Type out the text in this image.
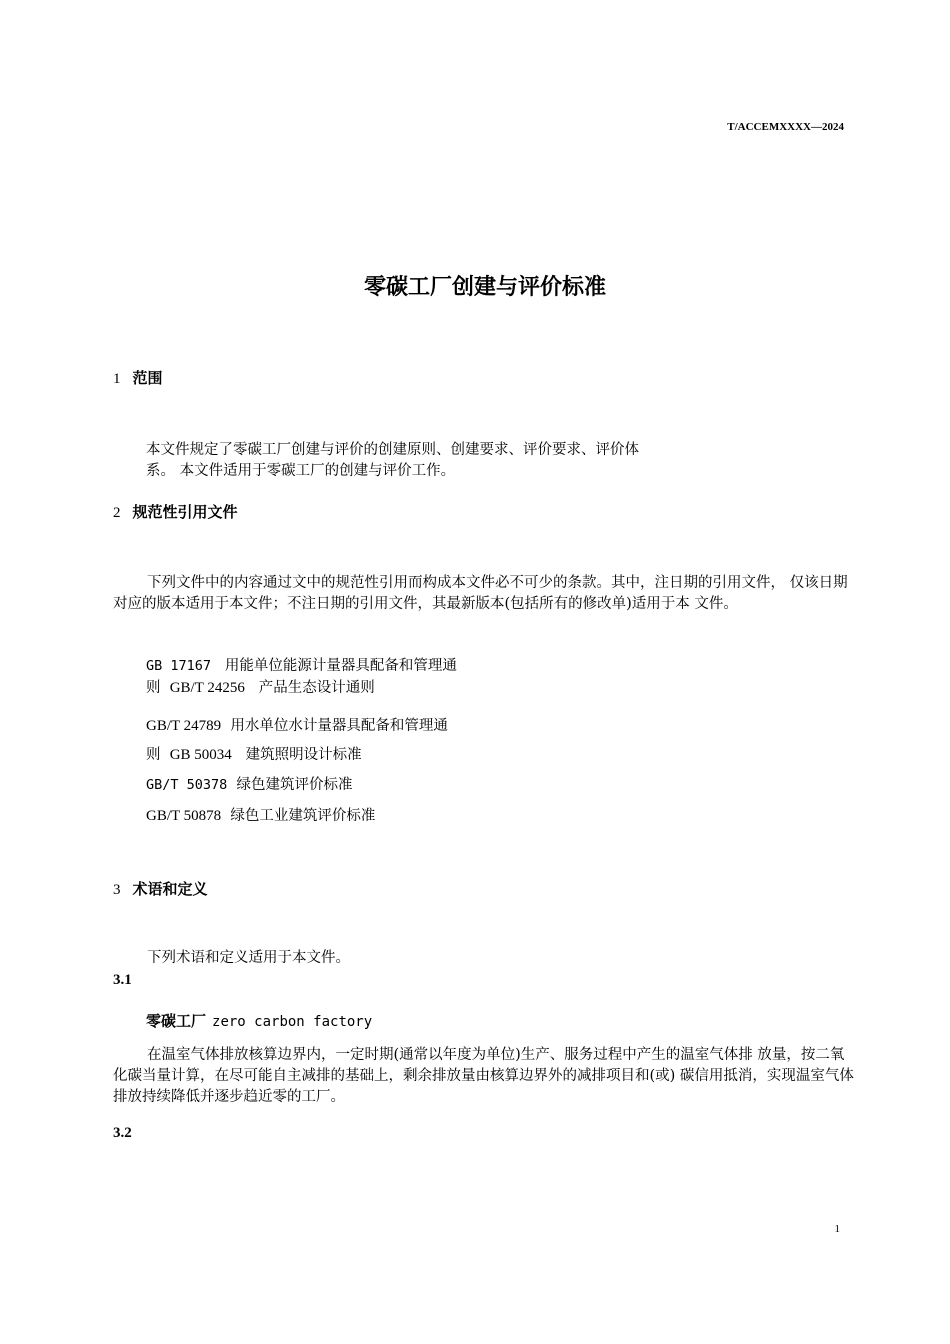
T/ACCEMXXXX—2024
零碳工厂创建与评价标准
1 范围
本文件规定了零碳工厂创建与评价的创建原则、创建要求、评价要求、评价体
系。 本文件适用于零碳工厂的创建与评价工作。
2 规范性引用文件
下列文件中的内容通过文中的规范性引用而构成本文件必不可少的条款。其中，注日期的引用文件， 仅该日期对应的版本适用于本文件；不注日期的引用文件，其最新版本(包括所有的修改单)适用于本 文件。
GB 17167 用能单位能源计量器具配备和管理通
则 GB/T 24256 产品生态设计通则
GB/T 24789 用水单位水计量器具配备和管理通
则 GB 50034 建筑照明设计标准
GB/T 50378 绿色建筑评价标准
GB/T 50878 绿色工业建筑评价标准
3 术语和定义
下列术语和定义适用于本文件。
3.1
零碳工厂 zero carbon factory
在温室气体排放核算边界内，一定时期(通常以年度为单位)生产、服务过程中产生的温室气体排 放量，按二氧化碳当量计算，在尽可能自主减排的基础上，剩余排放量由核算边界外的减排项目和(或) 碳信用抵消，实现温室气体排放持续降低并逐步趋近零的工厂。
3.2
1
